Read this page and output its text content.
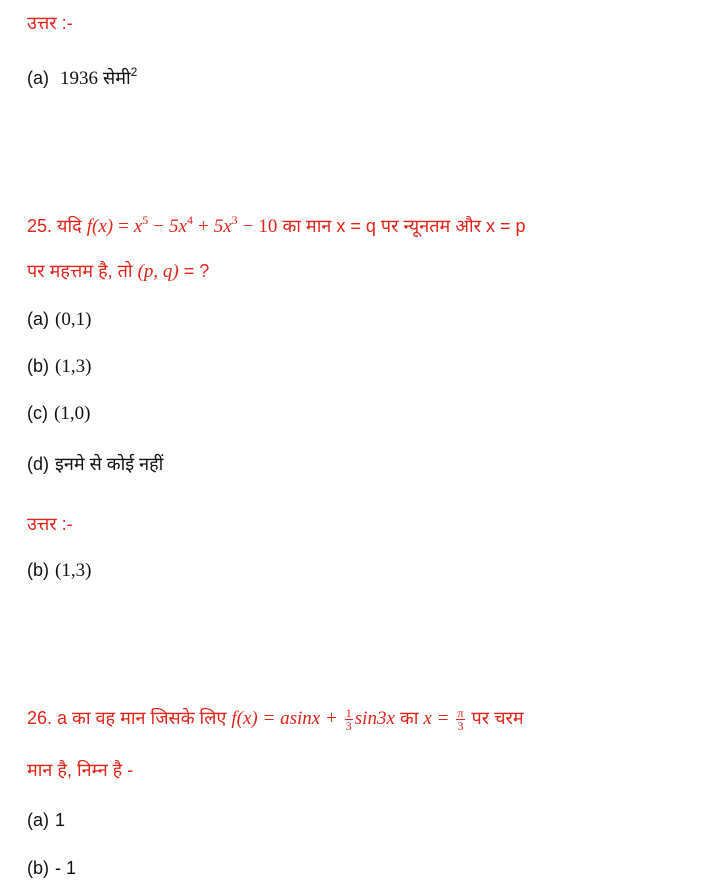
उत्तर :-
(a) 1936 सेमी$^2$
25. यदि $f(x) = x^5 - 5x^4 + 5x^3 - 10$ का मान x = q पर न्यूनतम और x = p
पर महत्तम है, तो (p, q) = ?
(a) (0,1)
(b) (1,3)
(c) (1,0)
(d) इनमे से कोई नहीं
उत्तर :-
(b) (1,3)
26. a का वह मान जिसके लिए $f(x) = asinx + \frac{1}{3} \sin 3x$ का $x = \frac{\pi}{3}$ पर चरम
मान है, निम्न है -
(a) 1
(b) - 1
